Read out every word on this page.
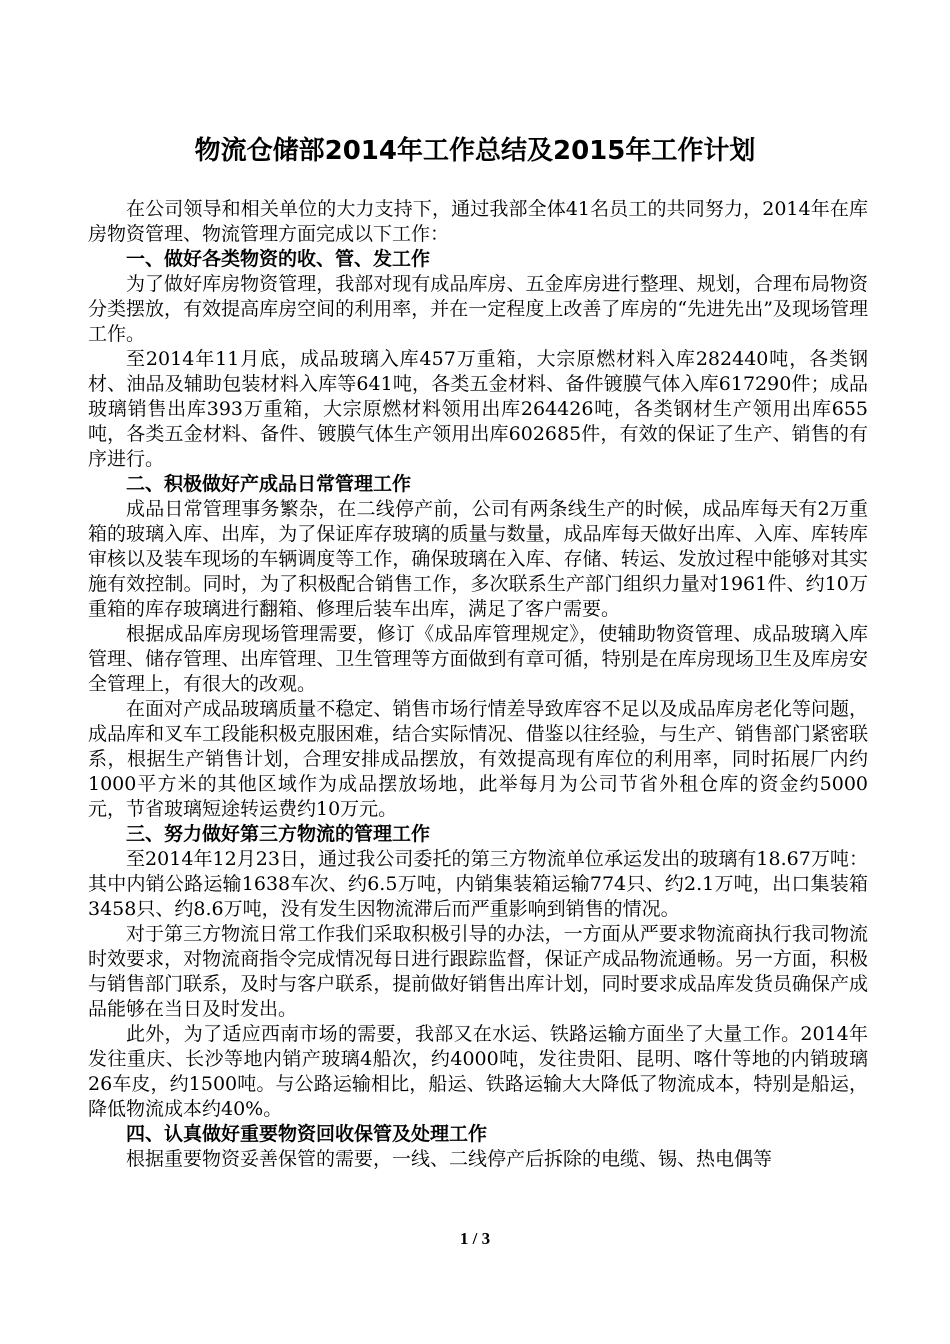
物流仓储部2014年工作总结及2015年工作计划

在公司领导和相关单位的大力支持下，通过我部全体41名员工的共同努力，2014年在库房物资管理、物流管理方面完成以下工作：

一、做好各类物资的收、管、发工作

为了做好库房物资管理，我部对现有成品库房、五金库房进行整理、规划，合理布局物资分类摆放，有效提高库房空间的利用率，并在一定程度上改善了库房的“先进先出”及现场管理工作。

至2014年11月底，成品玻璃入库457万重箱，大宗原燃材料入库282440吨，各类钢材、油品及辅助包装材料入库等641吨，各类五金材料、备件镀膜气体入库617290件；成品玻璃销售出库393万重箱，大宗原燃材料领用出库264426吨，各类钢材生产领用出库655吨，各类五金材料、备件、镀膜气体生产领用出库602685件，有效的保证了生产、销售的有序进行。

二、积极做好产成品日常管理工作

成品日常管理事务繁杂，在二线停产前，公司有两条线生产的时候，成品库每天有2万重箱的玻璃入库、出库，为了保证库存玻璃的质量与数量，成品库每天做好出库、入库、库转库审核以及装车现场的车辆调度等工作，确保玻璃在入库、存储、转运、发放过程中能够对其实施有效控制。同时，为了积极配合销售工作，多次联系生产部门组织力量对1961件、约10万重箱的库存玻璃进行翻箱、修理后装车出库，满足了客户需要。

根据成品库房现场管理需要，修订《成品库管理规定》，使辅助物资管理、成品玻璃入库管理、储存管理、出库管理、卫生管理等方面做到有章可循，特别是在库房现场卫生及库房安全管理上，有很大的改观。

在面对产成品玻璃质量不稳定、销售市场行情差导致库容不足以及成品库房老化等问题，成品库和叉车工段能积极克服困难，结合实际情况、借鉴以往经验，与生产、销售部门紧密联系，根据生产销售计划，合理安排成品摆放，有效提高现有库位的利用率，同时拓展厂内约1000平方米的其他区域作为成品摆放场地，此举每月为公司节省外租仓库的资金约5000元，节省玻璃短途转运费约10万元。

三、努力做好第三方物流的管理工作

至2014年12月23日，通过我公司委托的第三方物流单位承运发出的玻璃有18.67万吨：其中内销公路运输1638车次、约6.5万吨，内销集装箱运输774只、约2.1万吨，出口集装箱3458只、约8.6万吨，没有发生因物流滞后而严重影响到销售的情况。

对于第三方物流日常工作我们采取积极引导的办法，一方面从严要求物流商执行我司物流时效要求，对物流商指令完成情况每日进行跟踪监督，保证产成品物流通畅。另一方面，积极与销售部门联系，及时与客户联系，提前做好销售出库计划，同时要求成品库发货员确保产成品能够在当日及时发出。

此外，为了适应西南市场的需要，我部又在水运、铁路运输方面坐了大量工作。2014年发往重庆、长沙等地内销产玻璃4船次，约4000吨，发往贵阳、昆明、喀什等地的内销玻璃26车皮，约1500吨。与公路运输相比，船运、铁路运输大大降低了物流成本，特别是船运，降低物流成本约40%。

四、认真做好重要物资回收保管及处理工作

根据重要物资妥善保管的需要，一线、二线停产后拆除的电缆、锡、热电偶等

1 / 3
